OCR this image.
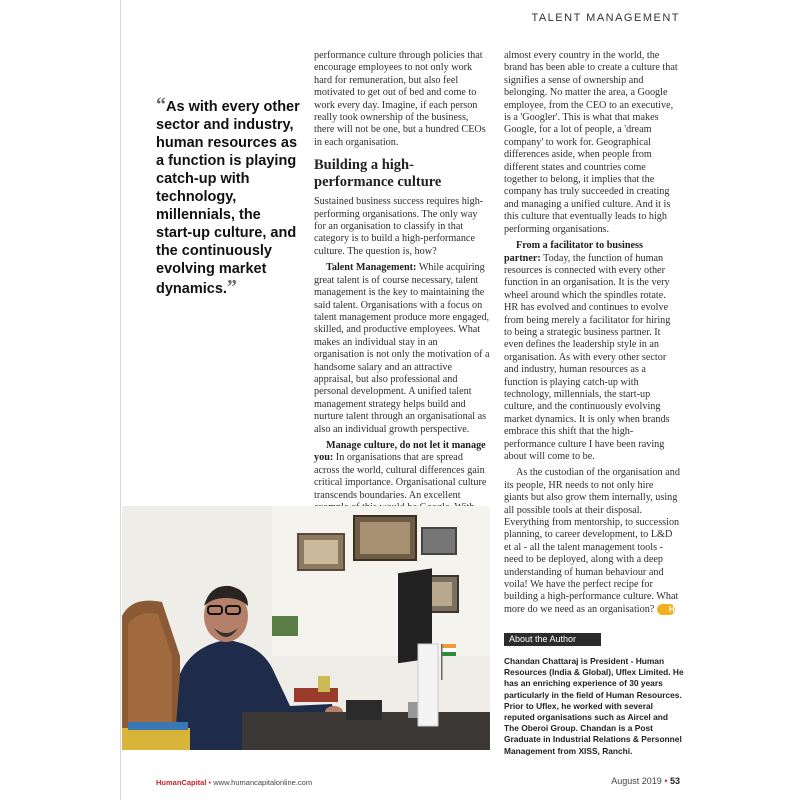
TALENT MANAGEMENT
“As with every other sector and industry, human resources as a function is playing catch-up with technology, millennials, the start-up culture, and the continuously evolving market dynamics.”

performance culture through policies that encourage employees to not only work hard for remuneration, but also feel motivated to get out of bed and come to work every day. Imagine, if each person really took ownership of the business, there will not be one, but a hundred CEOs in each organisation.

Building a high-performance culture

Sustained business success requires high-performing organisations. The only way for an organisation to classify in that category is to build a high-performance culture. The question is, how?

Talent Management: While acquiring great talent is of course necessary, talent management is the key to maintaining the said talent. Organisations with a focus on talent management produce more engaged, skilled, and productive employees. What makes an individual stay in an organisation is not only the motivation of a handsome salary and an attractive appraisal, but also professional and personal development. A unified talent management strategy helps build and nurture talent through an organisational as also an individual growth perspective.

Manage culture, do not let it manage you: In organisations that are spread across the world, cultural differences gain critical importance. Organisational culture transcends boundaries. An excellent

almost every country in the world, the brand has been able to create a culture that signifies a sense of ownership and belonging. No matter the area, a Google employee, from the CEO to an executive, is a 'Googler'. This is what that makes Google, for a lot of people, a 'dream company' to work for. Geographical differences aside, when people from different states and countries come together to belong, it implies that the company has truly succeeded in creating and managing a unified culture. And it is this culture that eventually leads to high performing organisations.

From a facilitator to business partner: Today, the function of human resources is connected with every other function in an organisation. It is the very wheel around which the spindles rotate. HR has evolved and continues to evolve from being merely a facilitator for hiring to being a strategic business partner. It even defines the leadership style in an organisation. As with every other sector and industry, human resources as a function is playing catch-up with technology, millennials, the start-up culture, and the continuously evolving market dynamics. It is only when brands embrace this shift that the high-performance culture I have been raving about will come to be.

As the custodian of the organisation and its people, HR needs to not only hire giants but also grow them internally, using all possible tools at their disposal. Everything from mentorship, to succession planning, to career development, to L&D et al - all the talent management tools - need to be deployed, along with a deep understanding of human behaviour and voila! We have the perfect recipe for building a high-performance culture. What more do we need as an organisation? HC

About the Author
Chandan Chattaraj is President - Human Resources (India & Global), Uflex Limited. He has an enriching experience of 30 years particularly in the field of Human Resources. Prior to Uflex, he worked with several reputed organisations such as Aircel and The Oberoi Group. Chandan is a Post Graduate in Industrial Relations & Personnel Management from XISS, Ranchi.
HumanCapital • www.humancapitalonline.com	August 2019 • 53
